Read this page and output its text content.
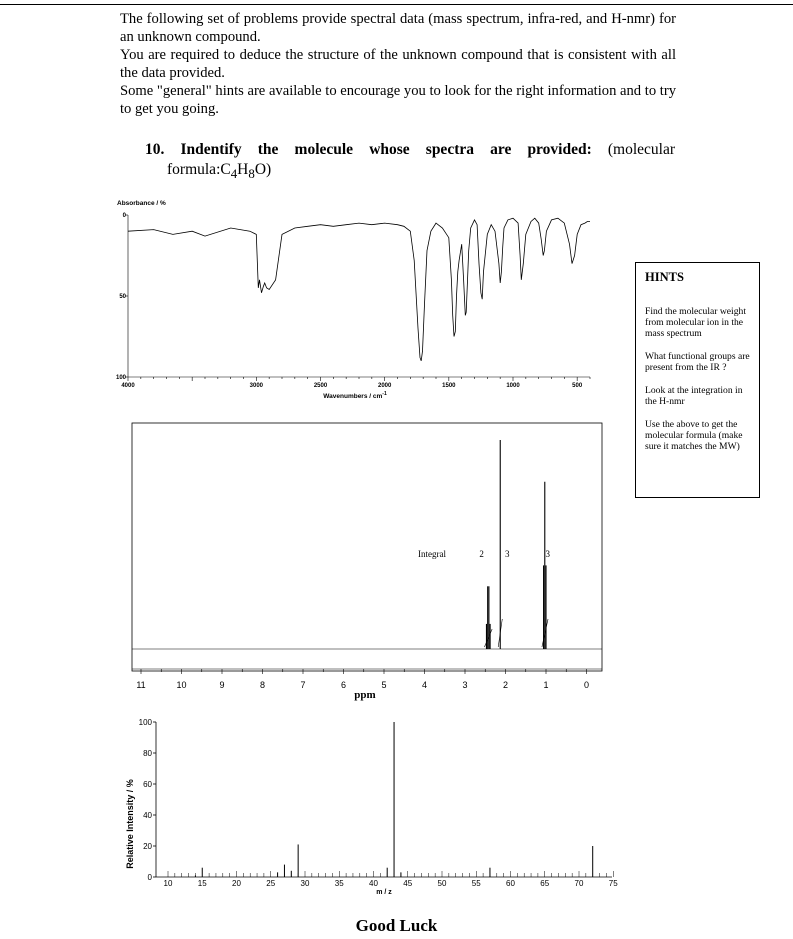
The following set of problems provide spectral data (mass spectrum, infra-red, and H-nmr) for an unknown compound.

You are required to deduce the structure of the unknown compound that is consistent with all the data provided.

Some "general" hints are available to encourage you to look for the right information and to try to get you going.

10. Indentify the molecule whose spectra are provided: (molecular
$formula:C_4H_8O$)
Absorbance / %
0
50
100
4000	3000	2500	2000	1500	1000	500
Wavenumbers / $cm^{-1}$
11	10	9	8	7	6	5	4	3	2	1	0
ppm
Integral	2 3	3
Relative Intensity / %
0
20
40
60
80
100
10	15	20	25	30	35	40	45	50	55	60	65	70	75
m / z
HINTS

Find the molecular weight from molecular ion in the mass spectrum

What functional groups are present from the IR ?

Look at the integration in the H-nmr

Use the above to get the molecular formula (make sure it matches the MW)

Good Luck
